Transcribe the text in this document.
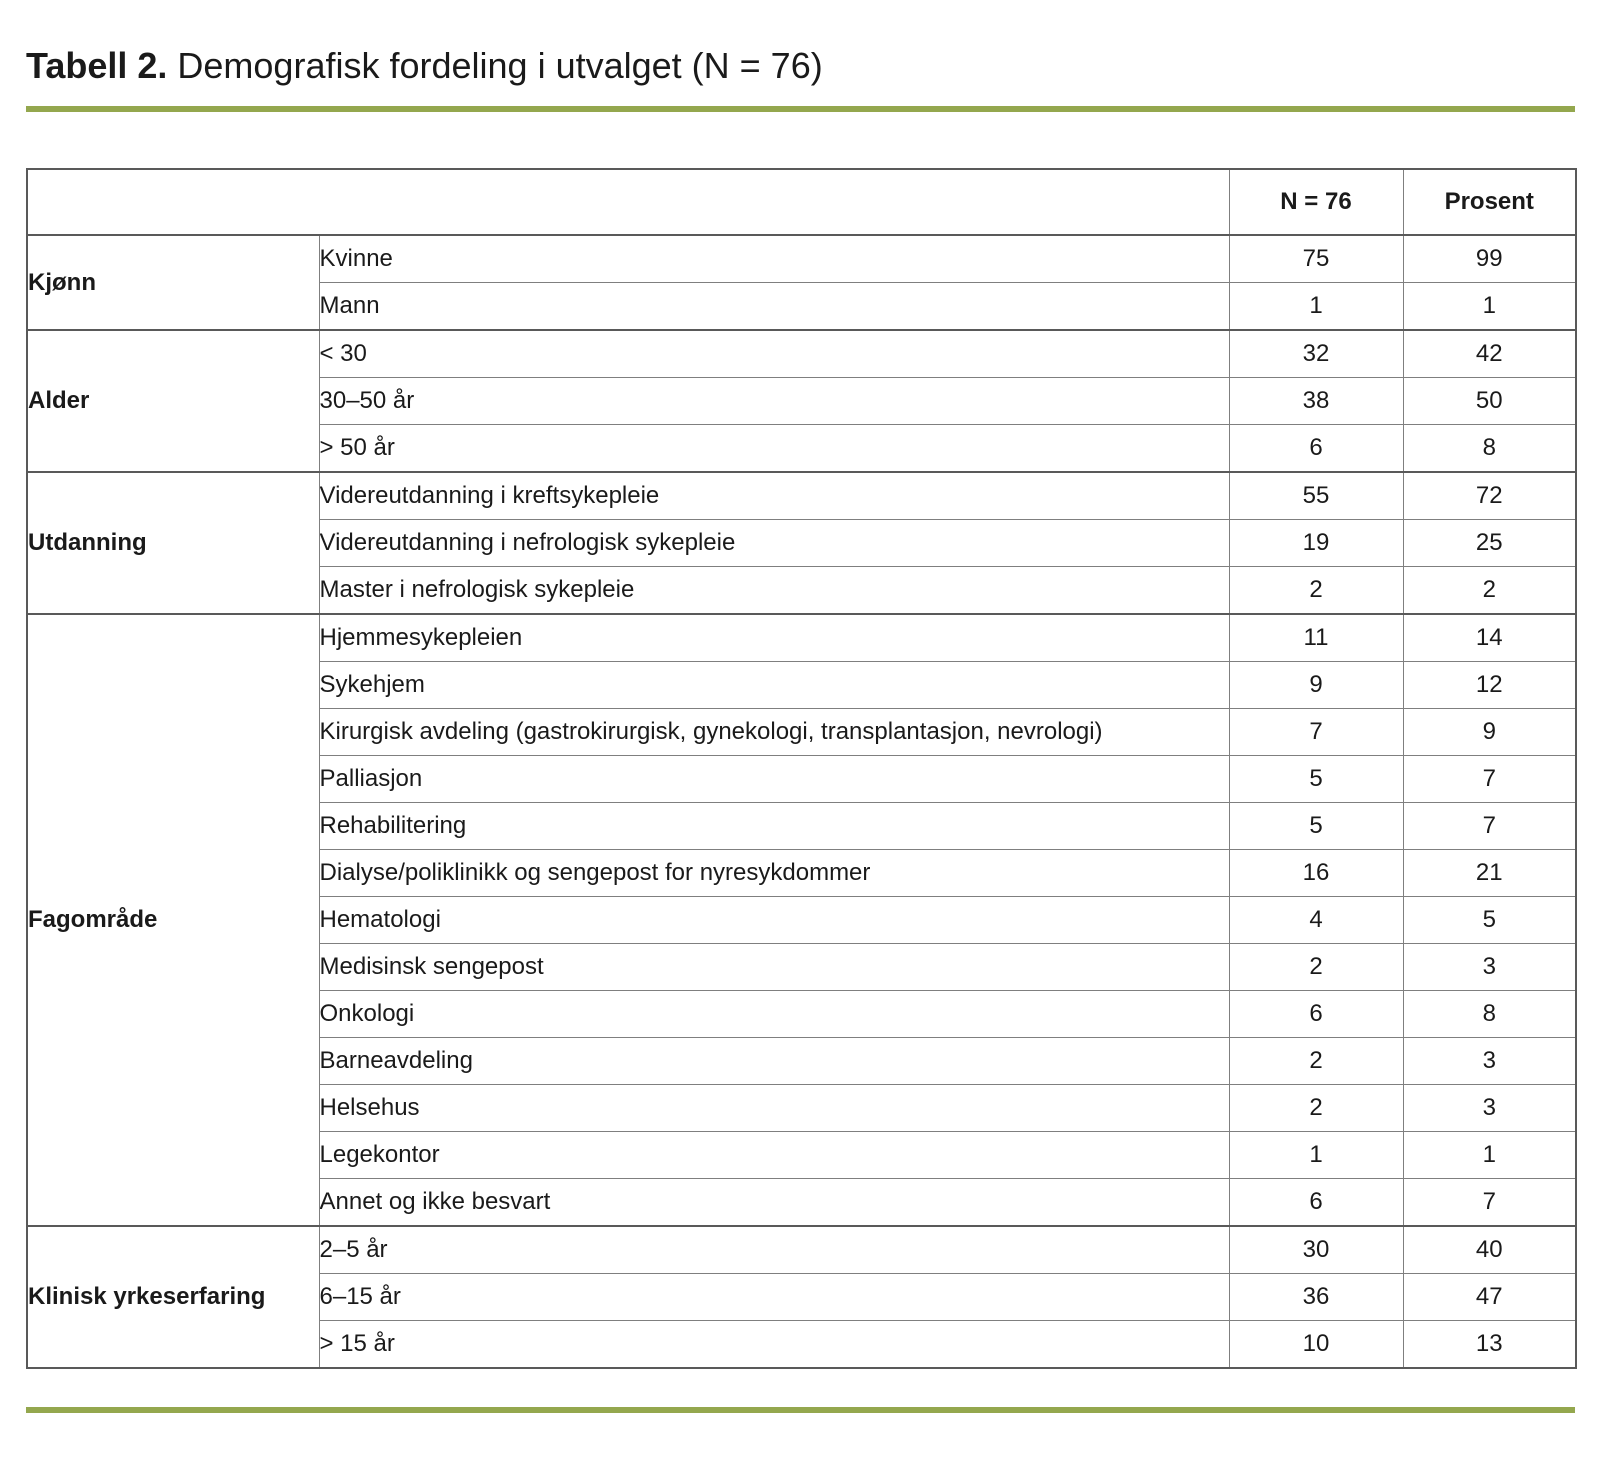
Tabell 2. Demografisk fordeling i utvalget (N = 76)
		N = 76	Prosent
Kjønn	Kvinne	75	99
	Mann	1	1
Alder	< 30	32	42
	30–50 år	38	50
	> 50 år	6	8
Utdanning	Videreutdanning i kreftsykepleie	55	72
	Videreutdanning i nefrologisk sykepleie	19	25
	Master i nefrologisk sykepleie	2	2
Fagområde	Hjemmesykepleien	11	14
	Sykehjem	9	12
	Kirurgisk avdeling (gastrokirurgisk, gynekologi, transplantasjon, nevrologi)	7	9
	Palliasjon	5	7
	Rehabilitering	5	7
	Dialyse/poliklinikk og sengepost for nyresykdommer	16	21
	Hematologi	4	5
	Medisinsk sengepost	2	3
	Onkologi	6	8
	Barneavdeling	2	3
	Helsehus	2	3
	Legekontor	1	1
	Annet og ikke besvart	6	7
Klinisk yrkeserfaring	2–5 år	30	40
	6–15 år	36	47
	> 15 år	10	13
